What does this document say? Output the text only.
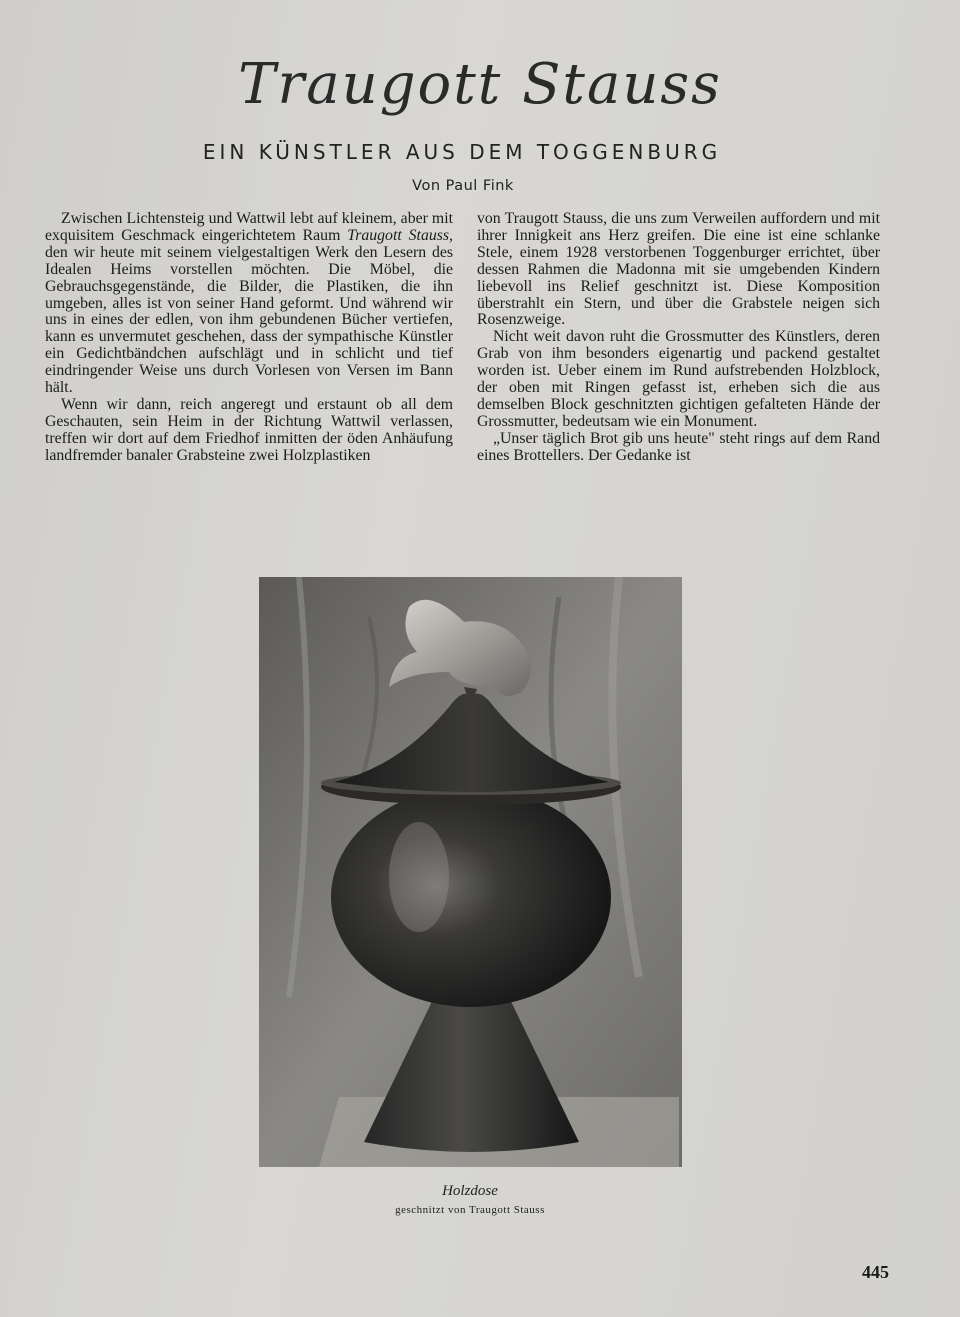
Traugott Stauss
EIN KÜNSTLER AUS DEM TOGGENBURG
Von Paul Fink

Zwischen Lichtensteig und Wattwil lebt auf kleinem, aber mit exquisitem Geschmack eingerichtetem Raum Traugott Stauss, den wir heute mit seinem vielgestaltigen Werk den Lesern des Idealen Heims vorstellen möchten. Die Möbel, die Gebrauchsgegenstände, die Bilder, die Plastiken, die ihn umgeben, alles ist von seiner Hand geformt. Und während wir uns in eines der edlen, von ihm gebundenen Bücher vertiefen, kann es unvermutet geschehen, dass der sympathische Künstler ein Gedichtbändchen aufschlägt und in schlicht und tief eindringender Weise uns durch Vorlesen von Versen im Bann hält.

Wenn wir dann, reich angeregt und erstaunt ob all dem Geschauten, sein Heim in der Richtung Wattwil verlassen, treffen wir dort auf dem Friedhof inmitten der öden Anhäufung landfremder banaler Grabsteine zwei Holzplastiken

von Traugott Stauss, die uns zum Verweilen auffordern und mit ihrer Innigkeit ans Herz greifen. Die eine ist eine schlanke Stele, einem 1928 verstorbenen Toggenburger errichtet, über dessen Rahmen die Madonna mit sie umgebenden Kindern liebevoll ins Relief geschnitzt ist. Diese Komposition überstrahlt ein Stern, und über die Grabstele neigen sich Rosenzweige.

Nicht weit davon ruht die Grossmutter des Künstlers, deren Grab von ihm besonders eigenartig und packend gestaltet worden ist. Ueber einem im Rund aufstrebenden Holzblock, der oben mit Ringen gefasst ist, erheben sich die aus demselben Block geschnitzten gichtigen gefalteten Hände der Grossmutter, bedeutsam wie ein Monument.

„Unser täglich Brot gib uns heute" steht rings auf dem Rand eines Brottellers. Der Gedanke ist

Holzdose
geschnitzt von Traugott Stauss
445
